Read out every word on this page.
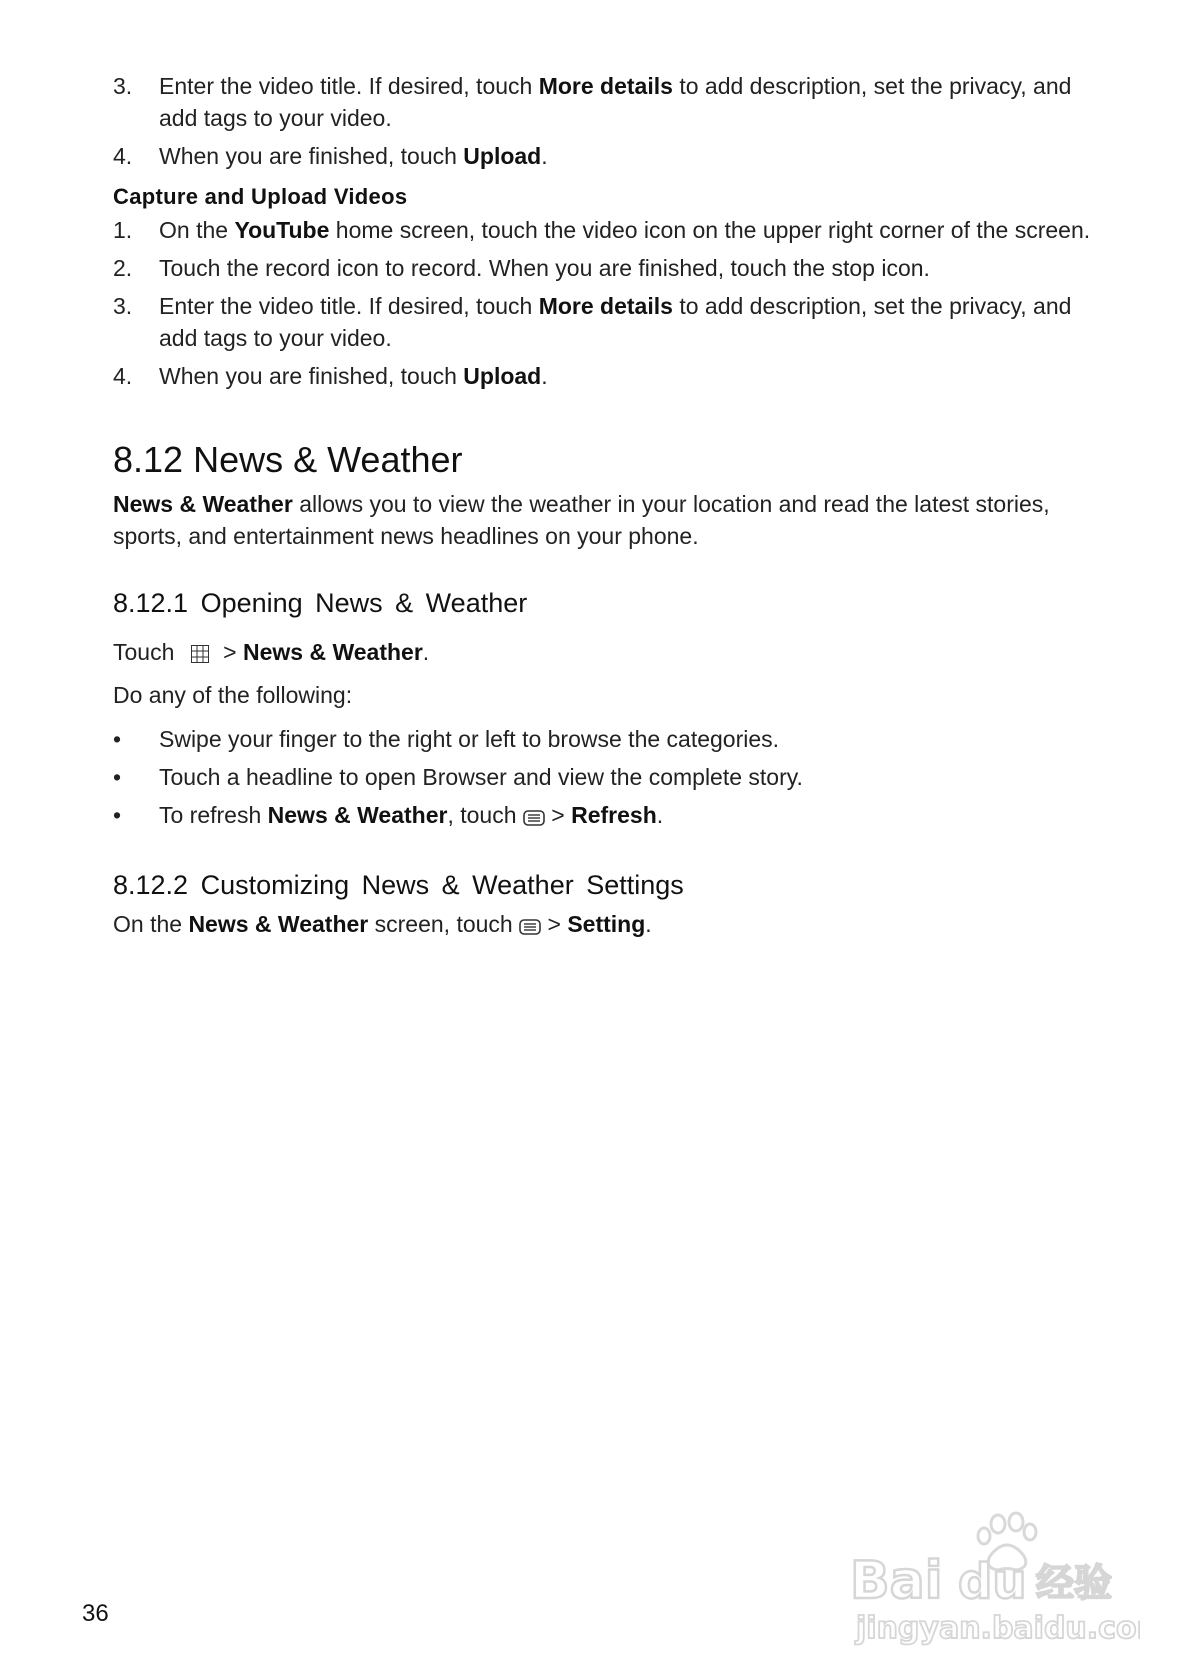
3.	Enter the video title. If desired, touch More details to add description, set the privacy, and add tags to your video.
4.	When you are finished, touch Upload.
Capture and Upload Videos
1.	On the YouTube home screen, touch the video icon on the upper right corner of the screen.
2.	Touch the record icon to record. When you are finished, touch the stop icon.
3.	Enter the video title. If desired, touch More details to add description, set the privacy, and add tags to your video.
4.	When you are finished, touch Upload.
8.12 News & Weather

News & Weather allows you to view the weather in your location and read the latest stories, sports, and entertainment news headlines on your phone.

8.12.1 Opening News & Weather

Touch  > News & Weather.

Do any of the following:

•	Swipe your finger to the right or left to browse the categories.
•	Touch a headline to open Browser and view the complete story.
•	To refresh News & Weather, touch  > Refresh.
8.12.2 Customizing News & Weather Settings

On the News & Weather screen, touch  > Setting.

36
Bai du 经验
jingyan.baidu.com
